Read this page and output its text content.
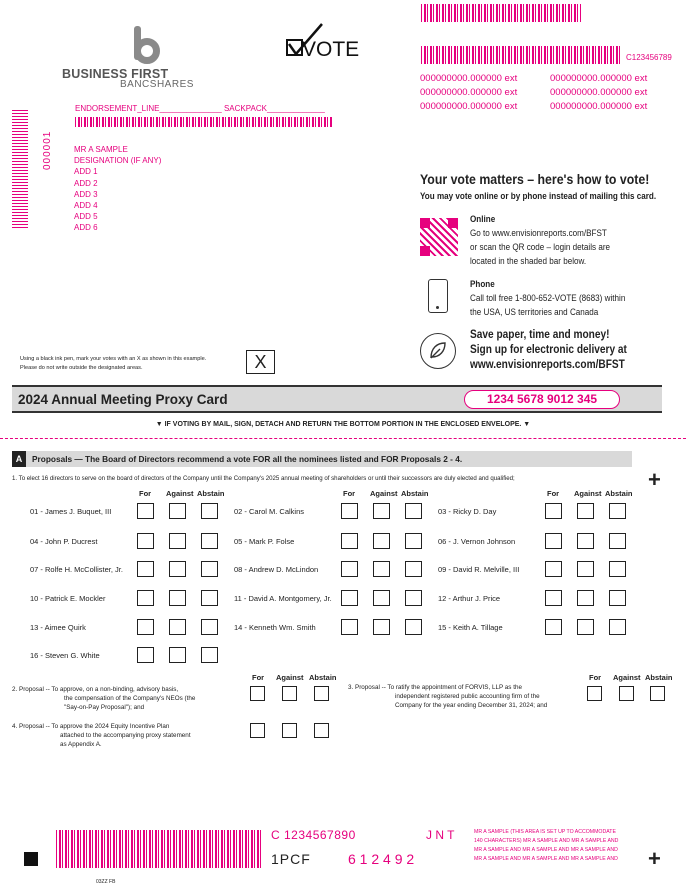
BUSINESS FIRST
BANCSHARES
VOTE	C123456789
000000000.000000 ext	000000000.000000 ext
000000000.000000 ext	000000000.000000 ext
000000000.000000 ext	000000000.000000 ext
ENDORSEMENT_LINE______________ SACKPACK_____________
000001	MR A SAMPLE
DESIGNATION (IF ANY)
ADD 1
ADD 2
ADD 3
ADD 4
ADD 5
ADD 6
Your vote matters – here's how to vote!
You may vote online or by phone instead of mailing this card.
Online
Go to www.envisionreports.com/BFST
or scan the QR code – login details are
located in the shaded bar below.
Phone
Call toll free 1-800-652-VOTE (8683) within
the USA, US territories and Canada
Save paper, time and money!
Sign up for electronic delivery at
www.envisionreports.com/BFST
Using a black ink pen, mark your votes with an X as shown in this example.
Please do not write outside the designated areas.	X
2024 Annual Meeting Proxy Card	1234 5678 9012 345
▼ IF VOTING BY MAIL, SIGN, DETACH AND RETURN THE BOTTOM PORTION IN THE ENCLOSED ENVELOPE. ▼
A	Proposals — The Board of Directors recommend a vote FOR all the nominees listed and FOR Proposals 2 - 4.
+
1. To elect 16 directors to serve on the board of directors of the Company until the Company's 2025 annual meeting of shareholders or until their successors are duly elected and qualified;
For Against Abstain	For Against Abstain	For Against Abstain
01 - James J. Buquet, III	02 - Carol M. Calkins	03 - Ricky D. Day
04 - John P. Ducrest	05 - Mark P. Folse	06 - J. Vernon Johnson
07 - Rolfe H. McCollister, Jr.	08 - Andrew D. McLindon	09 - David R. Melville, III
10 - Patrick E. Mockler	11 - David A. Montgomery, Jr.	12 - Arthur J. Price
13 - Aimee Quirk	14 - Kenneth Wm. Smith	15 - Keith A. Tillage
16 - Steven G. White
2. Proposal -- To approve, on a non-binding, advisory basis,
the compensation of the Company's NEOs (the
"Say-on-Pay Proposal"); and
3. Proposal -- To ratify the appointment of FORVIS, LLP as the
independent registered public accounting firm of the
Company for the year ending December 31, 2024; and
4. Proposal -- To approve the 2024 Equity Incentive Plan
attached to the accompanying proxy statement
as Appendix A.
For Against Abstain	For Against Abstain
C 1234567890	J N T
1PCF	6 1 2 4 9 2
MR A SAMPLE (THIS AREA IS SET UP TO ACCOMMODATE
140 CHARACTERS) MR A SAMPLE AND MR A SAMPLE AND
MR A SAMPLE AND MR A SAMPLE AND MR A SAMPLE AND
MR A SAMPLE AND MR A SAMPLE AND MR A SAMPLE AND +
03ZZ FB
